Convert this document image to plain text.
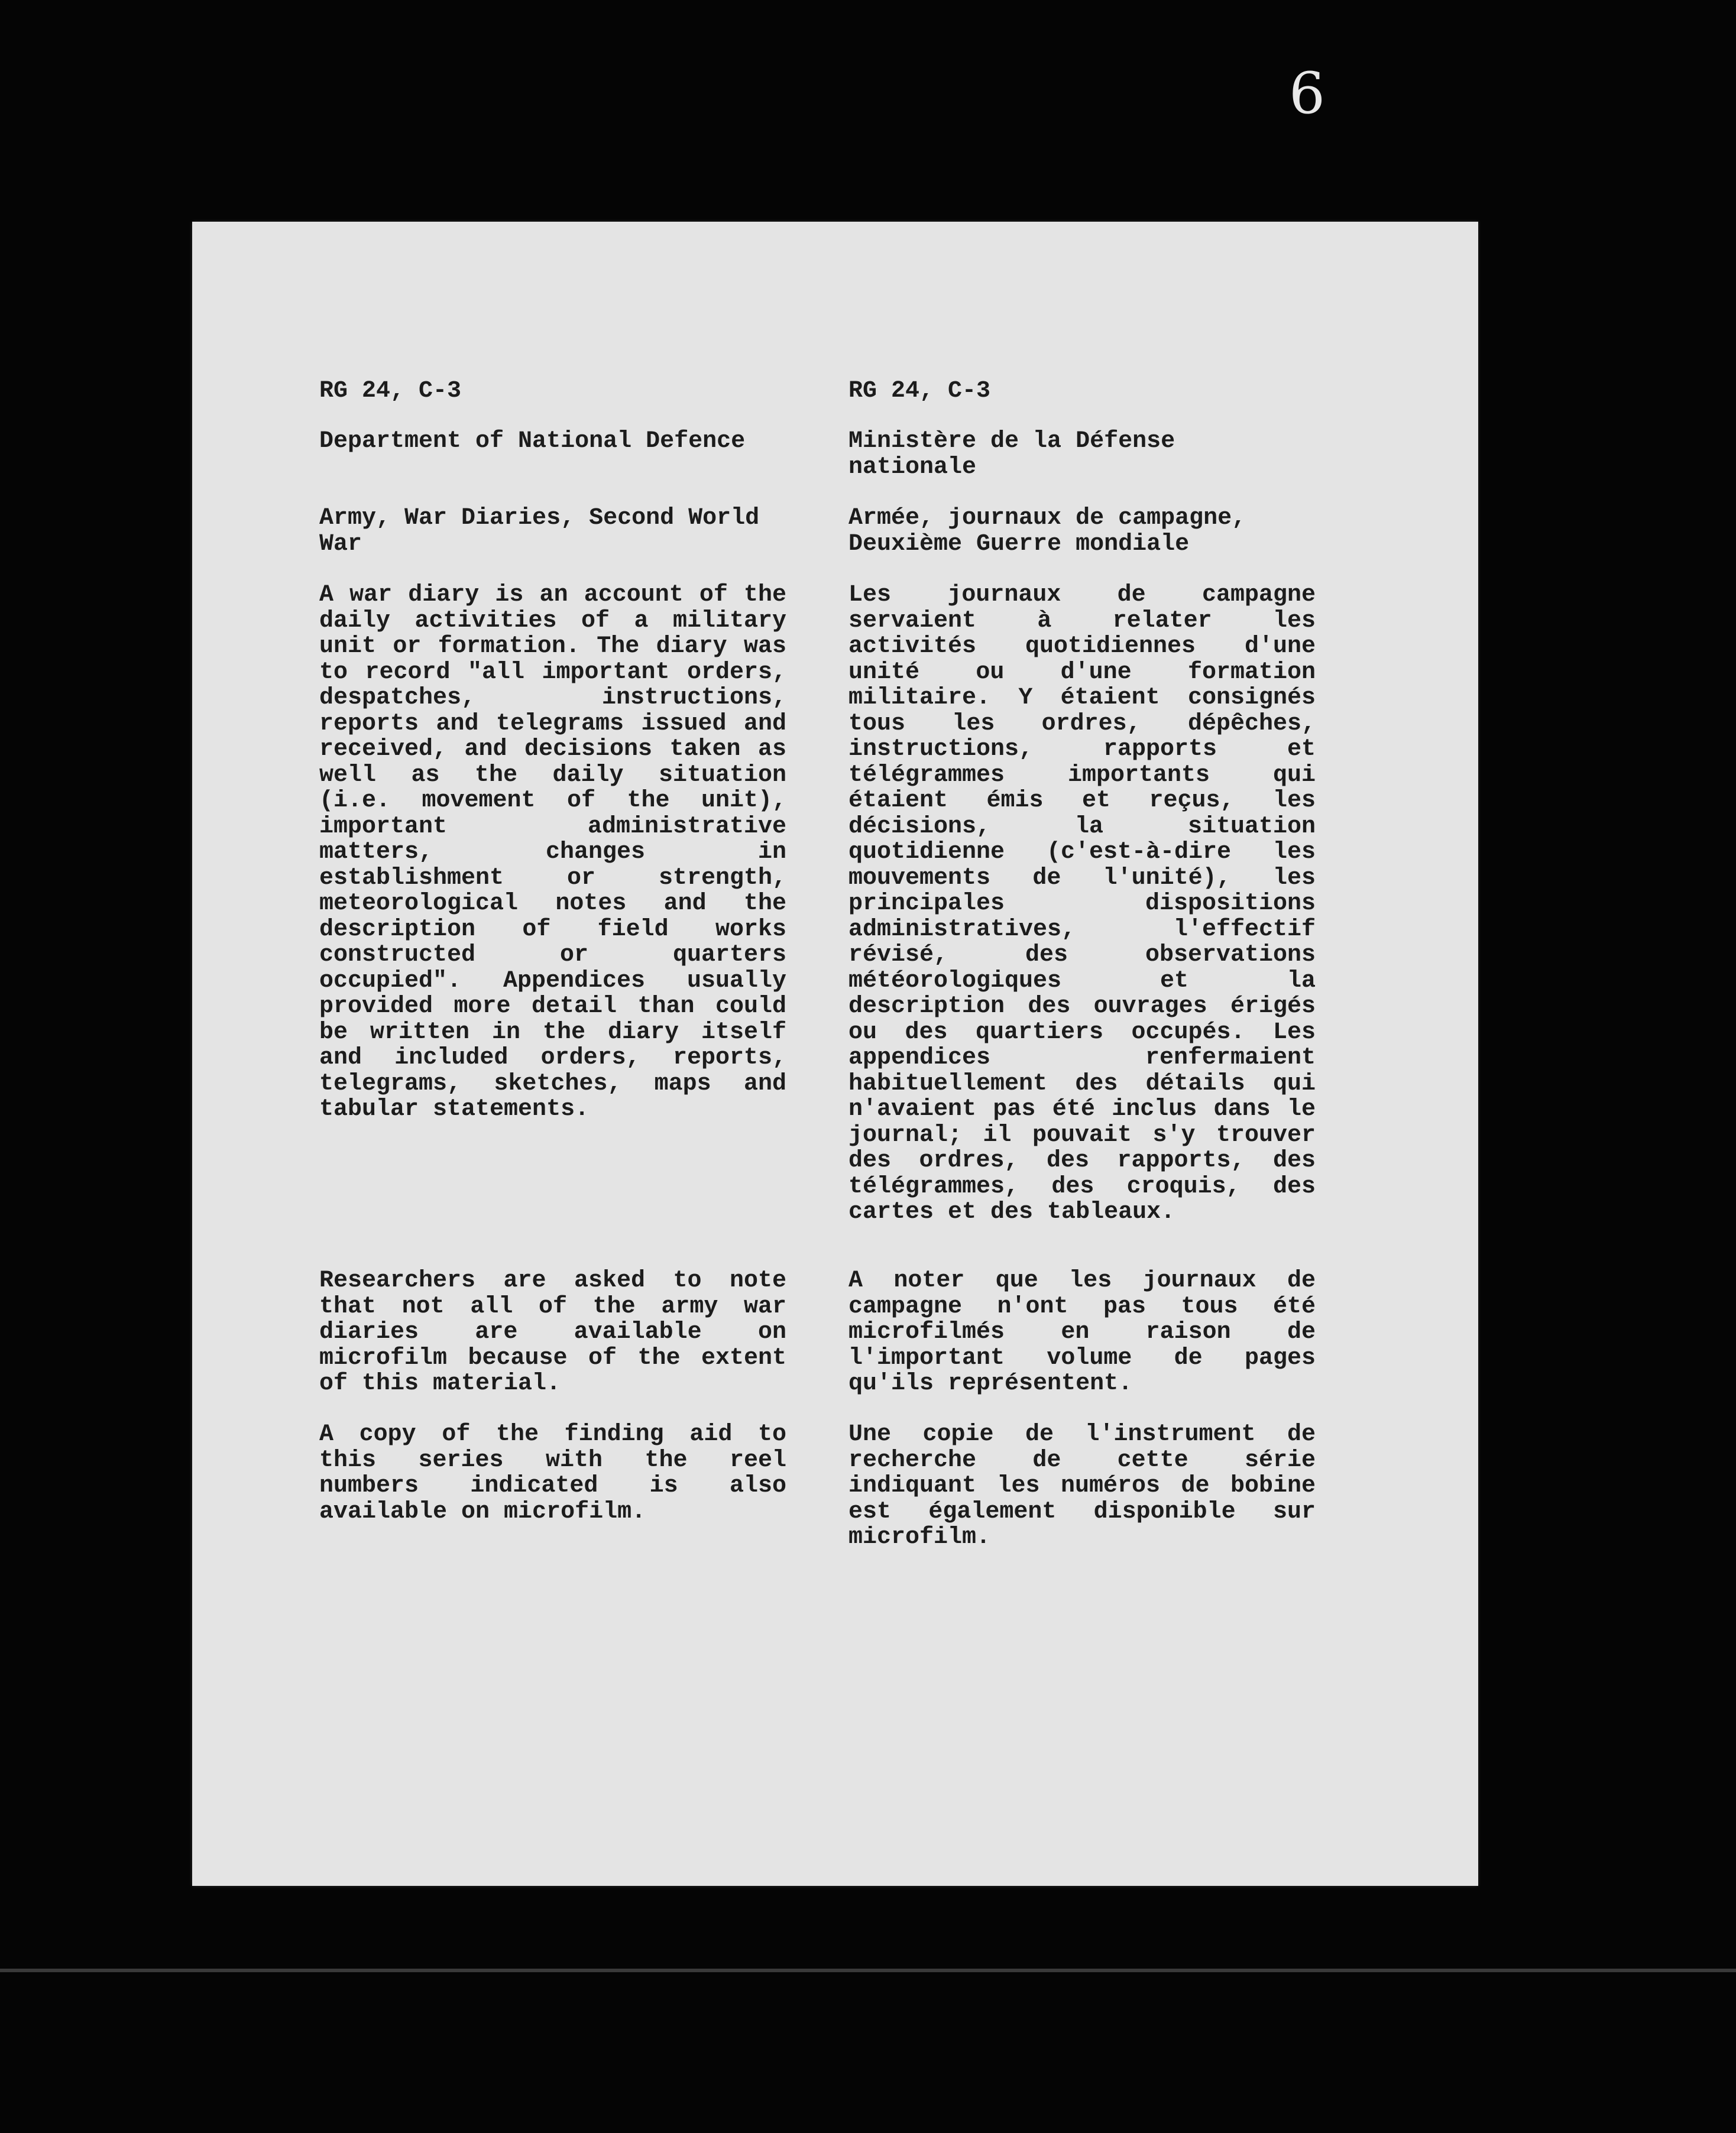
6

RG 24, C-3

Department of National Defence

Army, War Diaries, Second World War

A war diary is an account of the daily activities of a military unit or formation. The diary was to record "all important orders, despatches, instructions, reports and telegrams issued and received, and decisions taken as well as the daily situation (i.e. movement of the unit), important administrative matters, changes in establishment or strength, meteorological notes and the description of field works constructed or quarters occupied". Appendices usually provided more detail than could be written in the diary itself and included orders, reports, telegrams, sketches, maps and tabular statements.

Researchers are asked to note that not all of the army war diaries are available on microfilm because of the extent of this material.

A copy of the finding aid to this series with the reel numbers indicated is also available on microfilm.

RG 24, C-3

Ministère de la Défense nationale

Armée, journaux de campagne, Deuxième Guerre mondiale

Les journaux de campagne servaient à relater les activités quotidiennes d'une unité ou d'une formation militaire. Y étaient consignés tous les ordres, dépêches, instructions, rapports et télégrammes importants qui étaient émis et reçus, les décisions, la situation quotidienne (c'est-à-dire les mouvements de l'unité), les principales dispositions administratives, l'effectif révisé, des observations météorologiques et la description des ouvrages érigés ou des quartiers occupés. Les appendices renfermaient habituellement des détails qui n'avaient pas été inclus dans le journal; il pouvait s'y trouver des ordres, des rapports, des télégrammes, des croquis, des cartes et des tableaux.

A noter que les journaux de campagne n'ont pas tous été microfilmés en raison de l'important volume de pages qu'ils représentent.

Une copie de l'instrument de recherche de cette série indiquant les numéros de bobine est également disponible sur microfilm.
